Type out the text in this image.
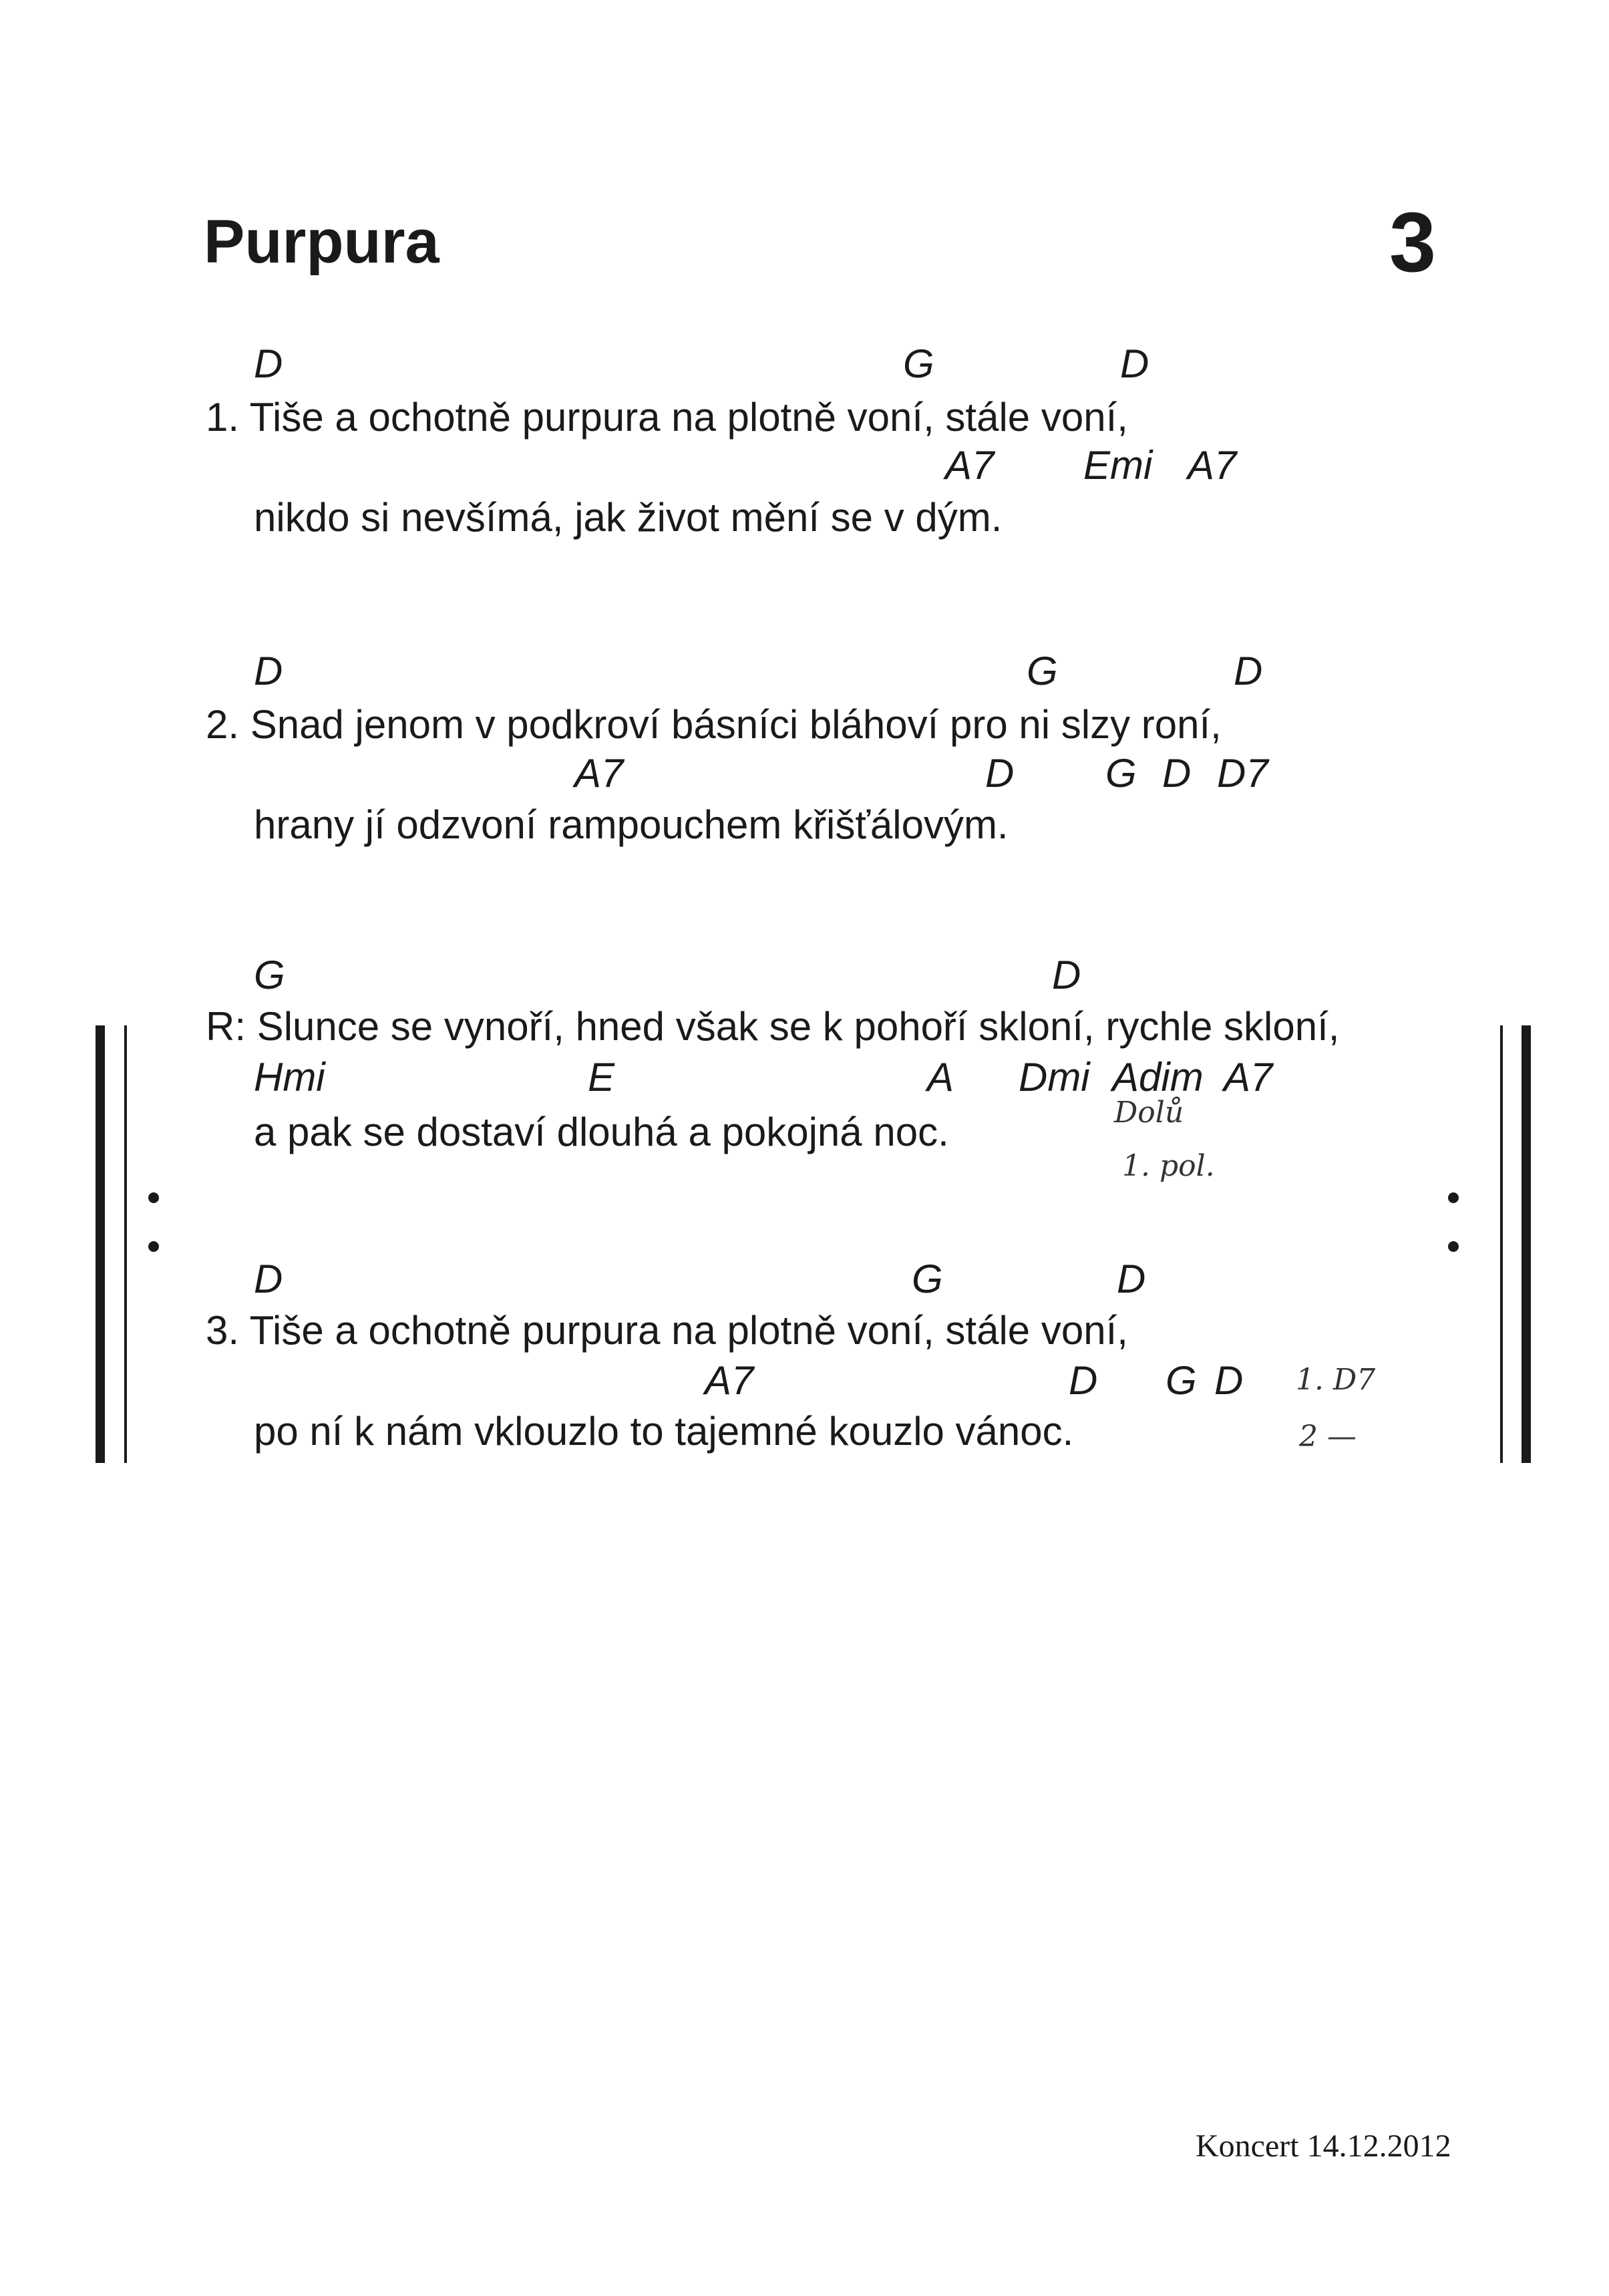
Purpura	3
D	G	D
1. Tiše a ochotně purpura na plotně voní, stále voní,
A7 Emi A7
nikdo si nevšímá, jak život mění se v dým.
D	G	D
2. Snad jenom v podkroví básníci bláhoví pro ni slzy roní,
A7	D G D D7
hrany jí odzvoní rampouchem křišťálovým.
G	D
R: Slunce se vynoří, hned však se k pohoří skloní, rychle skloní,
Hmi	E	A Dmi Adim A7
a pak se dostaví dlouhá a pokojná noc.	Dolů
1. pol.
D	G	D
3. Tiše a ochotně purpura na plotně voní, stále voní,
A7	D G D
po ní k nám vklouzlo to tajemné kouzlo vánoc.
1. D7
2 —
Koncert 14.12.2012
